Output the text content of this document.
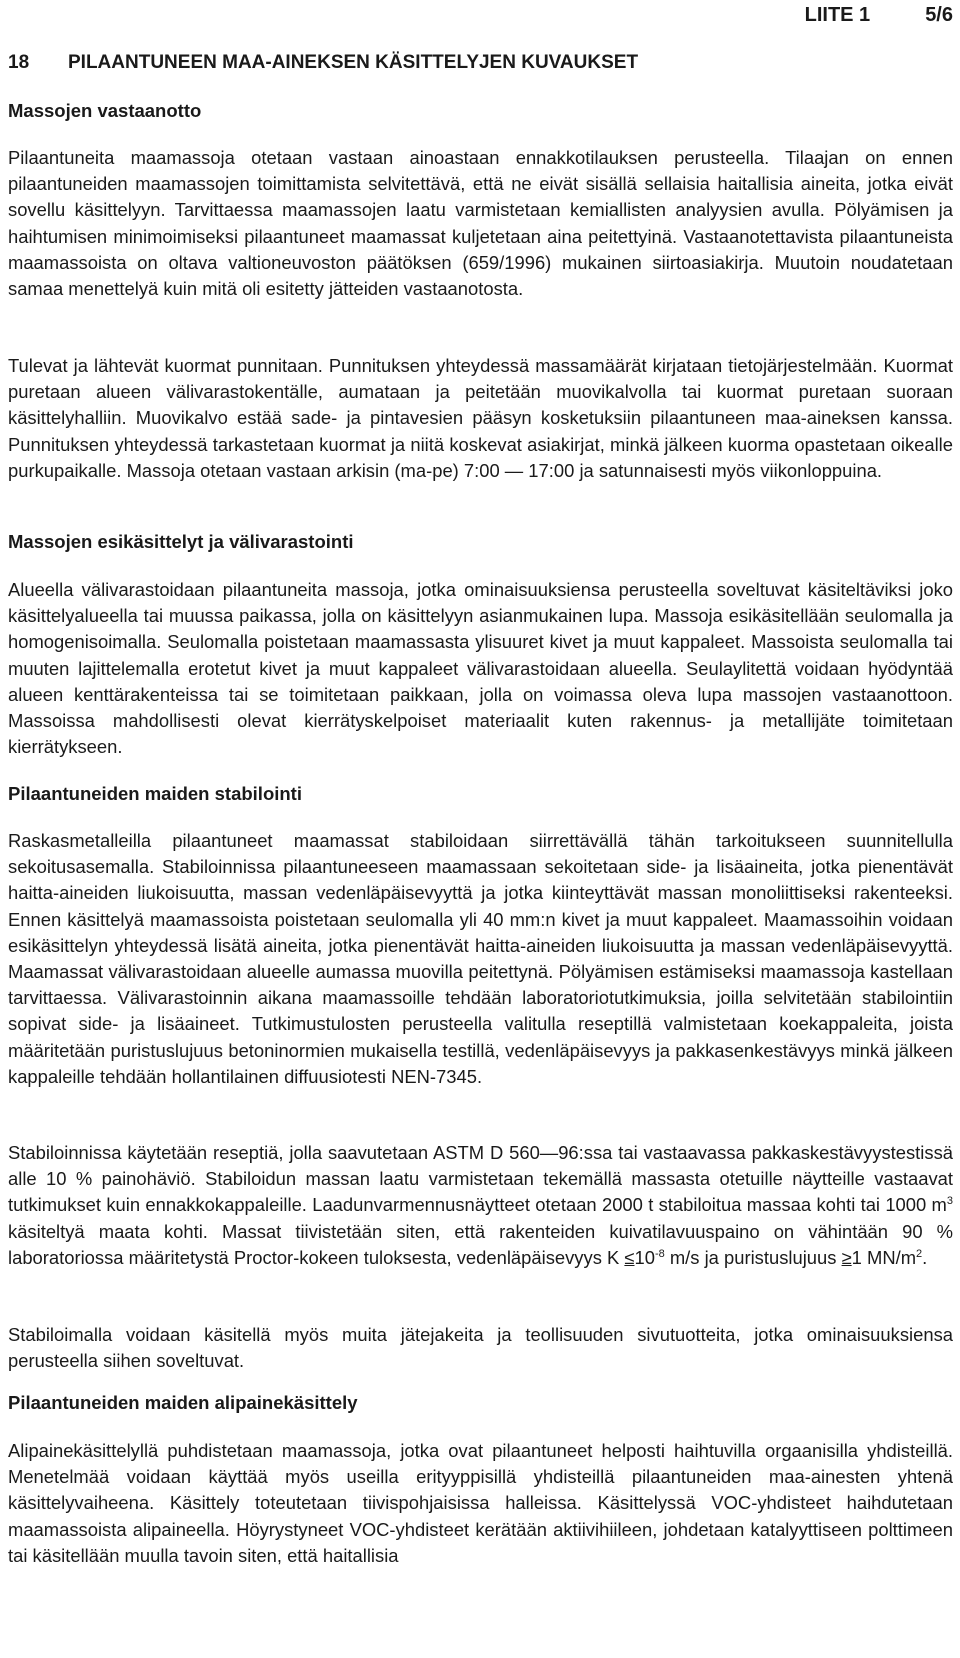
LIITE 1	5/6
18	PILAANTUNEEN MAA-AINEKSEN KÄSITTELYJEN KUVAUKSET
Massojen vastaanotto

Pilaantuneita maamassoja otetaan vastaan ainoastaan ennakkotilauksen perusteella. Tilaajan on ennen pilaantuneiden maamassojen toimittamista selvitettävä, että ne eivät sisällä sellaisia haitallisia aineita, jotka eivät sovellu käsittelyyn. Tarvittaessa maamassojen laatu varmistetaan kemiallisten analyysien avulla. Pölyämisen ja haihtumisen minimoimiseksi pilaantuneet maamassat kuljetetaan aina peitettyinä. Vastaanotettavista pilaantuneista maamassoista on oltava valtioneuvoston päätöksen (659/1996) mukainen siirtoasiakirja. Muutoin noudatetaan samaa menettelyä kuin mitä oli esitetty jätteiden vastaanotosta.

Tulevat ja lähtevät kuormat punnitaan. Punnituksen yhteydessä massamäärät kirjataan tietojärjestelmään. Kuormat puretaan alueen välivarastokentälle, aumataan ja peitetään muovikalvolla tai kuormat puretaan suoraan käsittelyhalliin. Muovikalvo estää sade- ja pintavesien pääsyn kosketuksiin pilaantuneen maa-aineksen kanssa. Punnituksen yhteydessä tarkastetaan kuormat ja niitä koskevat asiakirjat, minkä jälkeen kuorma opastetaan oikealle purkupaikalle. Massoja otetaan vastaan arkisin (ma-pe) 7:00 — 17:00 ja satunnaisesti myös viikonloppuina.

Massojen esikäsittelyt ja välivarastointi

Alueella välivarastoidaan pilaantuneita massoja, jotka ominaisuuksiensa perusteella soveltuvat käsiteltäviksi joko käsittelyalueella tai muussa paikassa, jolla on käsittelyyn asianmukainen lupa. Massoja esikäsitellään seulomalla ja homogenisoimalla. Seulomalla poistetaan maamassasta ylisuuret kivet ja muut kappaleet. Massoista seulomalla tai muuten lajittelemalla erotetut kivet ja muut kappaleet välivarastoidaan alueella. Seulaylitettä voidaan hyödyntää alueen kenttärakenteissa tai se toimitetaan paikkaan, jolla on voimassa oleva lupa massojen vastaanottoon. Massoissa mahdollisesti olevat kierrätyskelpoiset materiaalit kuten rakennus- ja metallijäte toimitetaan kierrätykseen.

Pilaantuneiden maiden stabilointi

Raskasmetalleilla pilaantuneet maamassat stabiloidaan siirrettävällä tähän tarkoitukseen suunnitellulla sekoitusasemalla. Stabiloinnissa pilaantuneeseen maamassaan sekoitetaan side- ja lisäaineita, jotka pienentävät haitta-aineiden liukoisuutta, massan vedenläpäisevyyttä ja jotka kiinteyttävät massan monoliittiseksi rakenteeksi. Ennen käsittelyä maamassoista poistetaan seulomalla yli 40 mm:n kivet ja muut kappaleet. Maamassoihin voidaan esikäsittelyn yhteydessä lisätä aineita, jotka pienentävät haitta-aineiden liukoisuutta ja massan vedenläpäisevyyttä. Maamassat välivarastoidaan alueelle aumassa muovilla peitettynä. Pölyämisen estämiseksi maamassoja kastellaan tarvittaessa. Välivarastoinnin aikana maamassoille tehdään laboratoriotutkimuksia, joilla selvitetään stabilointiin sopivat side- ja lisäaineet. Tutkimustulosten perusteella valitulla reseptillä valmistetaan koekappaleita, joista määritetään puristuslujuus betoninormien mukaisella testillä, vedenläpäisevyys ja pakkasenkestävyys minkä jälkeen kappaleille tehdään hollantilainen diffuusiotesti NEN-7345.

Stabiloinnissa käytetään reseptiä, jolla saavutetaan ASTM D 560—96:ssa tai vastaavassa pakkaskestävyystestissä alle 10 % painohäviö. Stabiloidun massan laatu varmistetaan tekemällä massasta otetuille näytteille vastaavat tutkimukset kuin ennakkokappaleille. Laadunvarmennusnäytteet otetaan 2000 t stabiloitua massaa kohti tai 1000 $m^3$ käsiteltyä maata kohti. Massat tiivistetään siten, että rakenteiden kuivatilavuuspaino on vähintään 90 % laboratoriossa määritetystä Proctor-kokeen tuloksesta, vedenläpäisevyys $K \le 10^{-8}$ m/s ja puristuslujuus ≥1 $MN/m^2$.

Stabiloimalla voidaan käsitellä myös muita jätejakeita ja teollisuuden sivutuotteita, jotka ominaisuuksiensa perusteella siihen soveltuvat.

Pilaantuneiden maiden alipainekäsittely

Alipainekäsittelyllä puhdistetaan maamassoja, jotka ovat pilaantuneet helposti haihtuvilla orgaanisilla yhdisteillä. Menetelmää voidaan käyttää myös useilla erityyppisillä yhdisteillä pilaantuneiden maa-ainesten yhtenä käsittelyvaiheena. Käsittely toteutetaan tiivispohjaisissa halleissa. Käsittelyssä VOC-yhdisteet haihdutetaan maamassoista alipaineella. Höyrystyneet VOC-yhdisteet kerätään aktiivihiileen, johdetaan katalyyttiseen polttimeen tai käsitellään muulla tavoin siten, että haitallisia
